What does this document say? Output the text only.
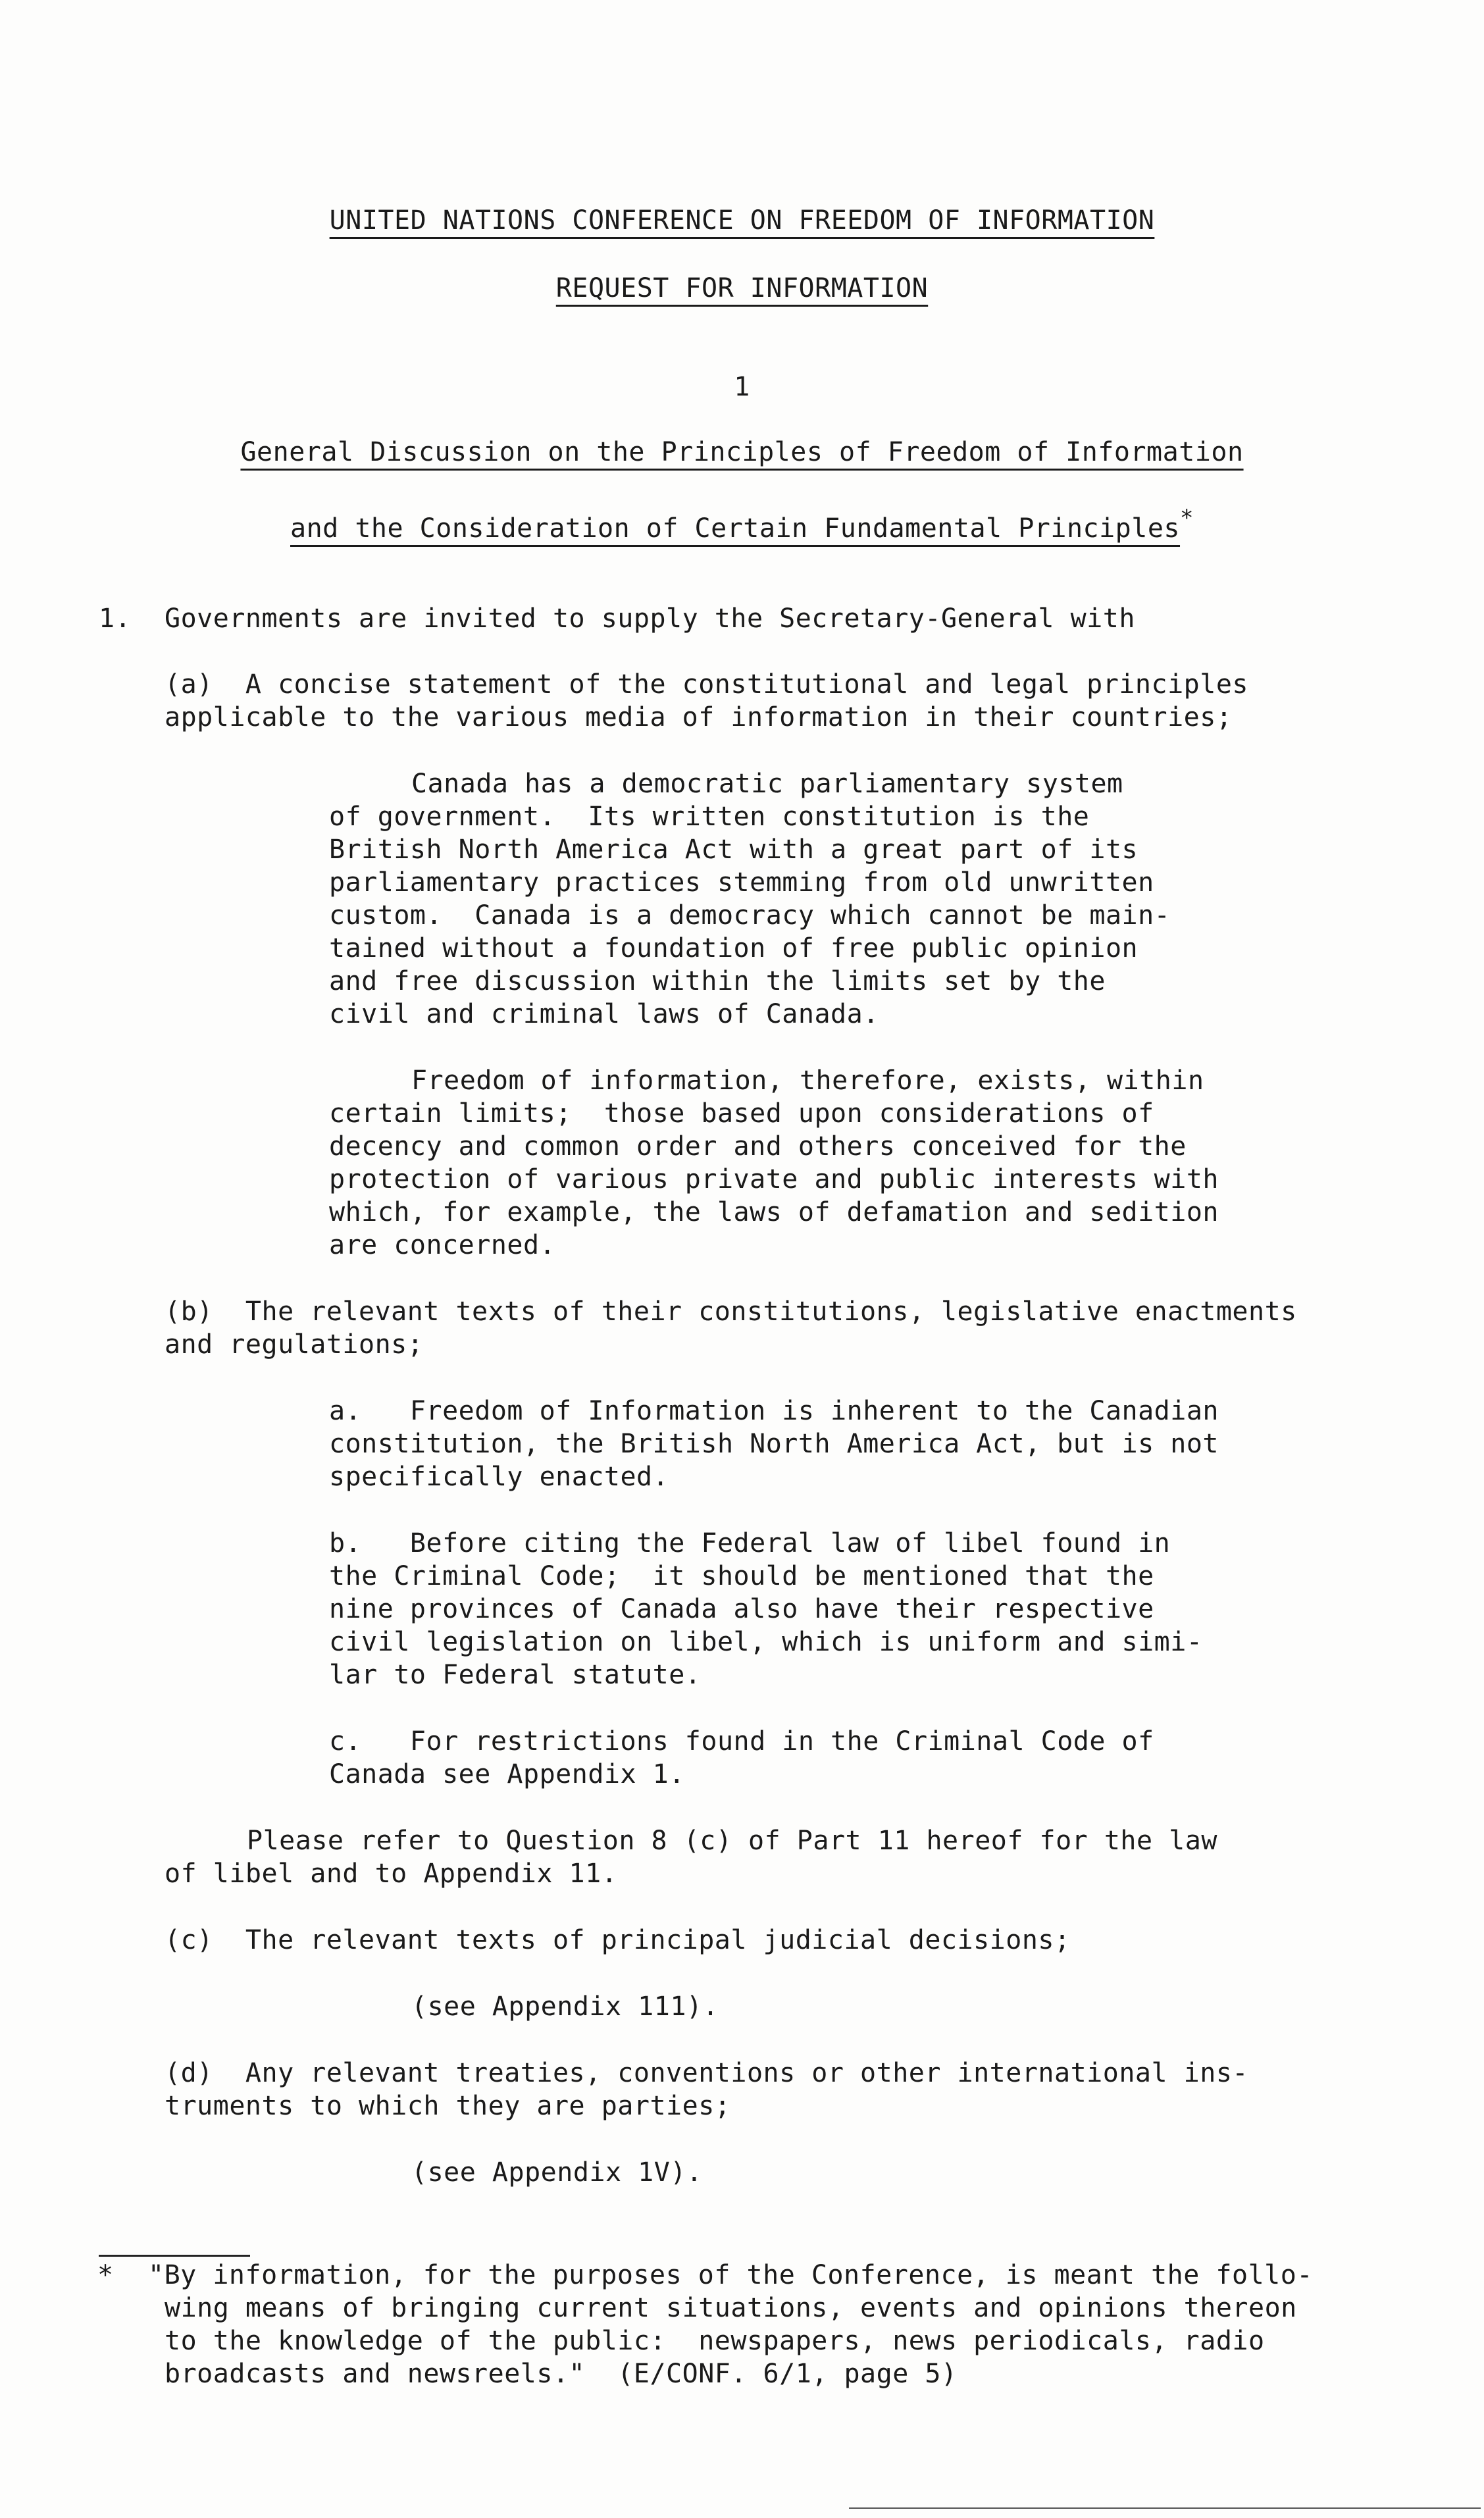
UNITED NATIONS CONFERENCE ON FREEDOM OF INFORMATION
REQUEST FOR INFORMATION
1
General Discussion on the Principles of Freedom of Information
and the Consideration of Certain Fundamental Principles*
1. Governments are invited to supply the Secretary-General with
(a)  A concise statement of the constitutional and legal principles
applicable to the various media of information in their countries;
Canada has a democratic parliamentary system
of government.  Its written constitution is the
British North America Act with a great part of its
parliamentary practices stemming from old unwritten
custom.  Canada is a democracy which cannot be main-
tained without a foundation of free public opinion
and free discussion within the limits set by the
civil and criminal laws of Canada.
Freedom of information, therefore, exists, within
certain limits;  those based upon considerations of
decency and common order and others conceived for the
protection of various private and public interests with
which, for example, the laws of defamation and sedition
are concerned.
(b)  The relevant texts of their constitutions, legislative enactments
and regulations;
a.   Freedom of Information is inherent to the Canadian
constitution, the British North America Act, but is not
specifically enacted.
b.   Before citing the Federal law of libel found in
the Criminal Code;  it should be mentioned that the
nine provinces of Canada also have their respective
civil legislation on libel, which is uniform and simi-
lar to Federal statute.
c.   For restrictions found in the Criminal Code of
Canada see Appendix 1.
Please refer to Question 8 (c) of Part 11 hereof for the law
of libel and to Appendix 11.
(c)  The relevant texts of principal judicial decisions;
(see Appendix 111).
(d)  Any relevant treaties, conventions or other international ins-
truments to which they are parties;
(see Appendix 1V).
* "By information, for the purposes of the Conference, is meant the follo-
wing means of bringing current situations, events and opinions thereon
to the knowledge of the public:  newspapers, news periodicals, radio
broadcasts and newsreels."  (E/CONF. 6/1, page 5)
